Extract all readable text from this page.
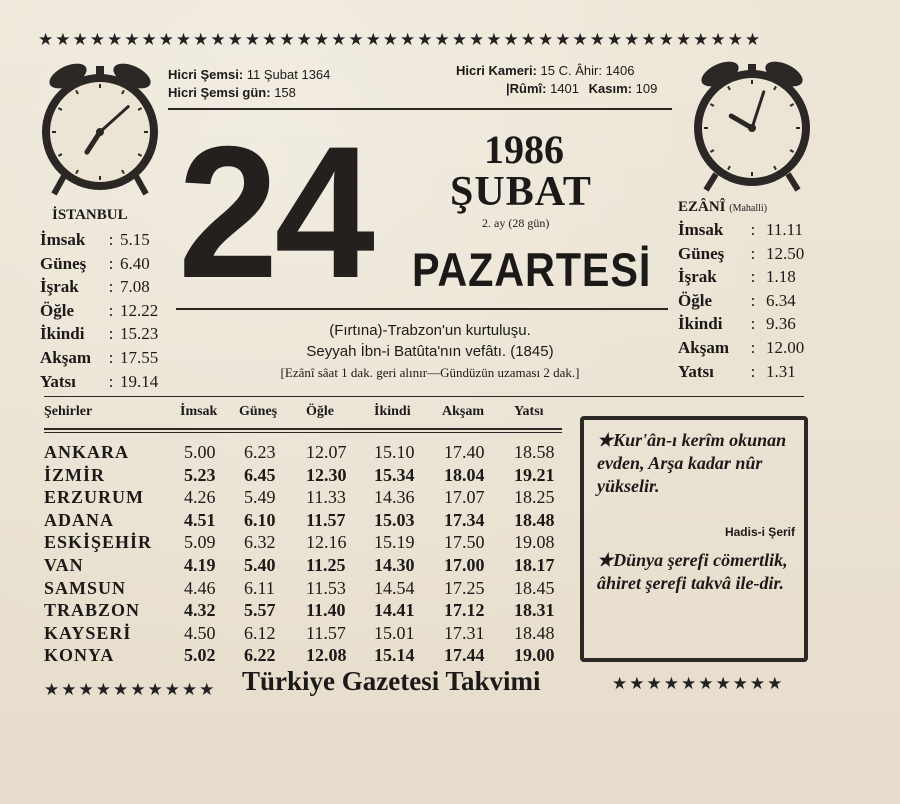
★★★★★★★★★★★★★★★★★★★★★★★★★★★★★★★★★★★★★★★★★★
Hicri Şemsi: 11 Şubat 1364
Hicri Şemsi gün: 158
Hicri Kameri: 15 C. Âhir: 1406
|Rûmî: 1401 Kasım: 109
24	1986
ŞUBAT
2. ay (28 gün)
PAZARTESİ
İSTANBUL
İmsak	: 5.15
Güneş	: 6.40
İşrak	: 7.08
Öğle	: 12.22
İkindi	: 15.23
Akşam	: 17.55
Yatsı	: 19.14
EZÂNÎ (Mahalli)
İmsak	: 11.11
Güneş	: 12.50
İşrak	: 1.18
Öğle	: 6.34
İkindi	: 9.36
Akşam	: 12.00
Yatsı	: 1.31
(Fırtına)-Trabzon'un kurtuluşu.
Seyyah İbn-i Batûta'nın vefâtı. (1845)
[Ezânî sâat 1 dak. geri alınır—Gündüzün uzaması 2 dak.]
Şehirler	İmsak Güneş Öğle	İkindi Akşam Yatsı
ANKARA	5.00 6.23 12.07 15.10 17.40 18.58
İZMİR	5.23 6.45 12.30 15.34 18.04 19.21
ERZURUM 4.26 5.49 11.33 14.36 17.07 18.25
ADANA	4.51 6.10 11.57 15.03 17.34 18.48
ESKİŞEHİR 5.09 6.32 12.16 15.19 17.50 19.08
VAN	4.19 5.40 11.25 14.30 17.00 18.17
SAMSUN	4.46 6.11 11.53 14.54 17.25 18.45
TRABZON 4.32 5.57 11.40 14.41 17.12 18.31
KAYSERİ	4.50 6.12 11.57 15.01 17.31 18.48
KONYA	5.02 6.22 12.08 15.14 17.44 19.00
★Kur'ân-ı kerîm okunan evden, Arşa kadar nûr yükselir.
Hadis-i Şerif
★Dünya şerefi cömertlik, âhiret şerefi takvâ ile-dir.
★★★★★★★★★★ Türkiye Gazetesi Takvimi	★★★★★★★★★★
